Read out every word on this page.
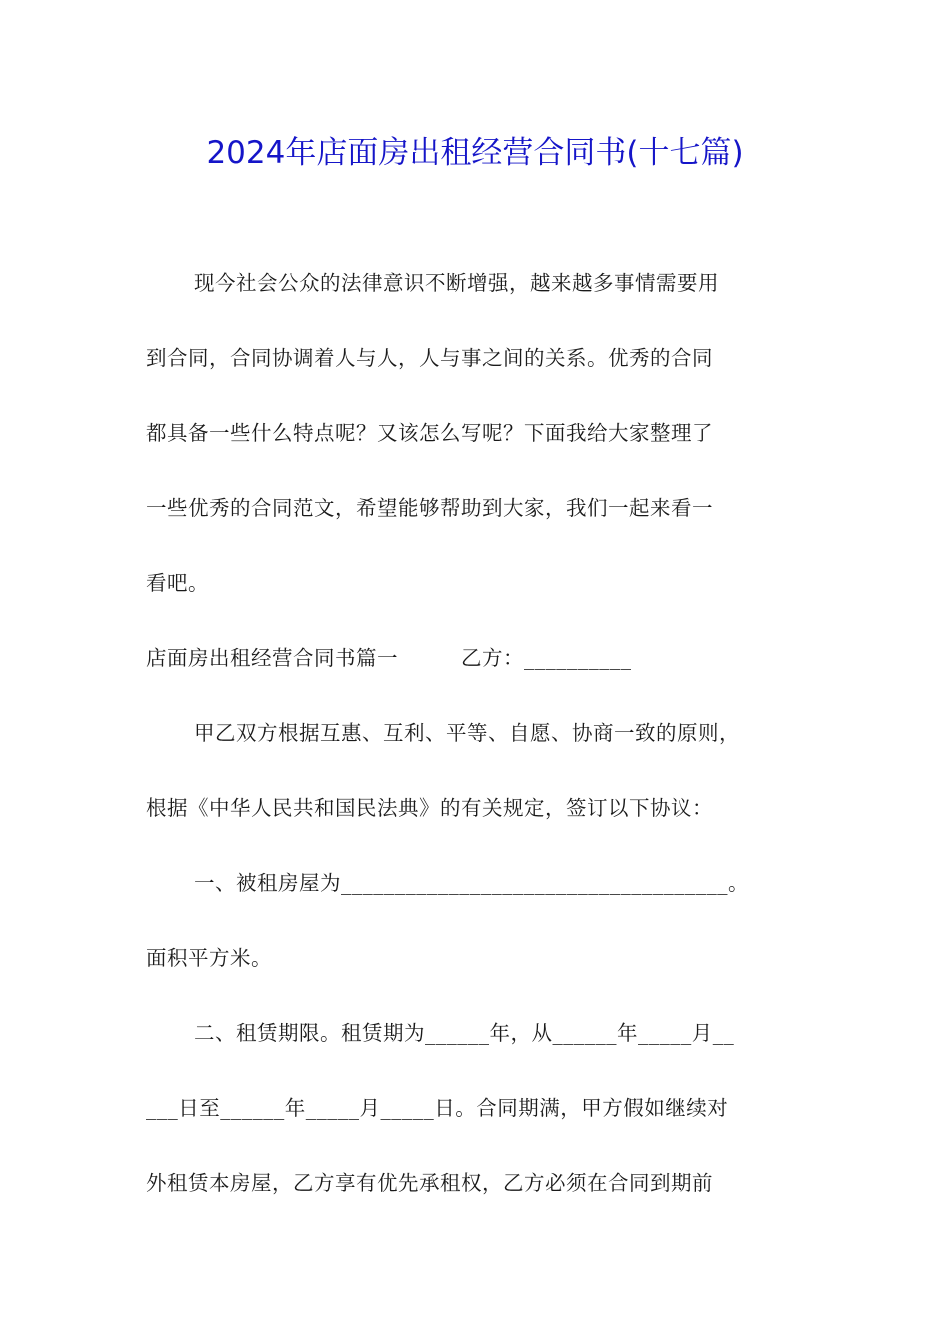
2024年店面房出租经营合同书(十七篇)
现今社会公众的法律意识不断增强，越来越多事情需要用
到合同，合同协调着人与人，人与事之间的关系。优秀的合同
都具备一些什么特点呢？又该怎么写呢？下面我给大家整理了
一些优秀的合同范文，希望能够帮助到大家，我们一起来看一
看吧。
店面房出租经营合同书篇一　　　乙方：__________
甲乙双方根据互惠、互利、平等、自愿、协商一致的原则，
根据《中华人民共和国民法典》的有关规定，签订以下协议：
一、被租房屋为____________________________________。
面积平方米。
二、租赁期限。租赁期为______年，从______年_____月__
___日至______年_____月_____日。合同期满，甲方假如继续对
外租赁本房屋，乙方享有优先承租权，乙方必须在合同到期前
